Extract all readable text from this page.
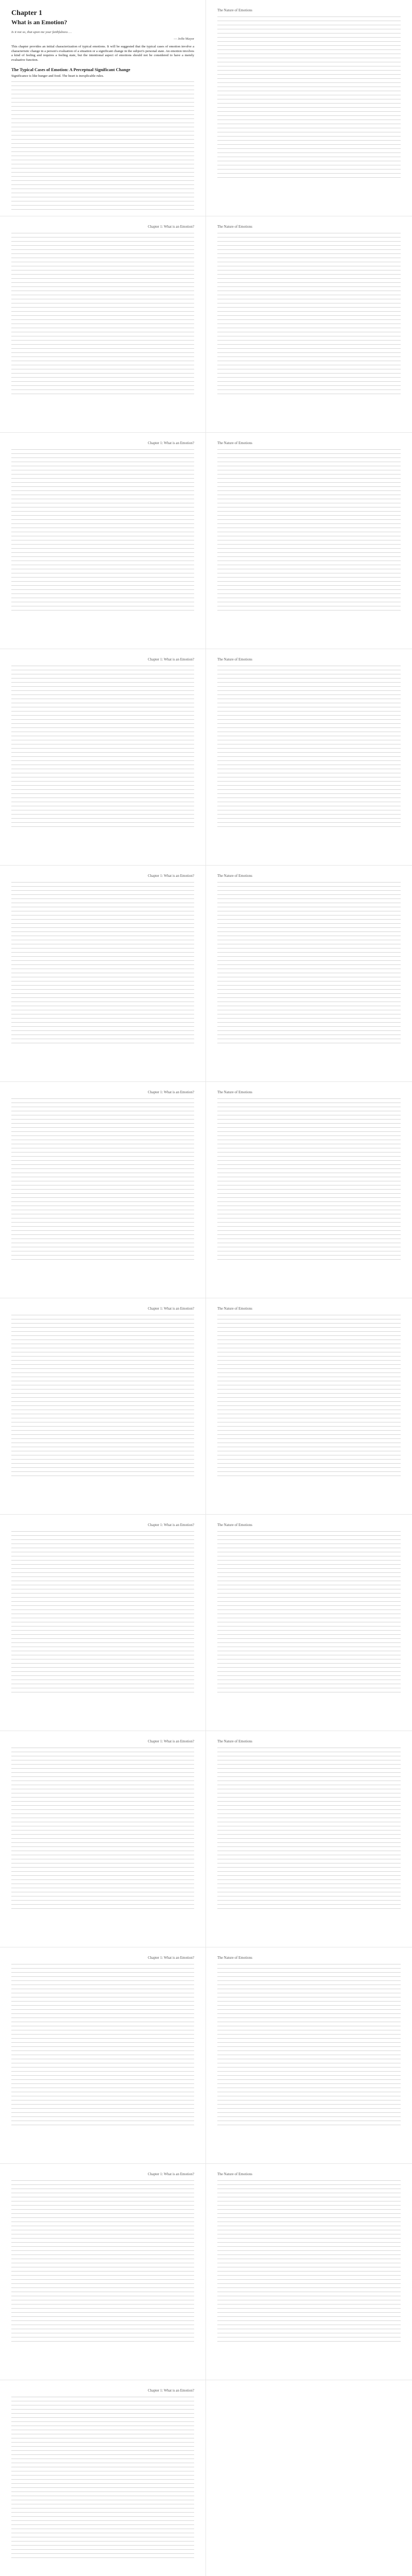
Chapter 1
What is an Emotion?
Is it not so, that upon me your faithfulness …
— Joffe Mayer

This chapter provides an initial characterization of typical emotions. It will be suggested that the typical cases of emotion involve a characteristic change in a person's evaluation of a situation or a significant change in the subject's personal state. An emotion involves a kind of feeling and requires a feeling state, but the intentional aspect of emotions should not be considered to have a merely evaluative function.

The Typical Cases of Emotion: A Perceptual Significant Change

Significance is like hunger and food. The heart is inexplicable rules.

The Nature of Emotions
Chapter 1: What is an Emotion?	The Nature of Emotions
Chapter 1: What is an Emotion?	The Nature of Emotions
Chapter 1: What is an Emotion?	The Nature of Emotions
Chapter 1: What is an Emotion?	The Nature of Emotions
Chapter 1: What is an Emotion?	The Nature of Emotions
Chapter 1: What is an Emotion?	The Nature of Emotions
Chapter 1: What is an Emotion?	The Nature of Emotions
Chapter 1: What is an Emotion?	The Nature of Emotions
Chapter 1: What is an Emotion?	The Nature of Emotions
Chapter 1: What is an Emotion?	The Nature of Emotions
Chapter 1: What is an Emotion?
